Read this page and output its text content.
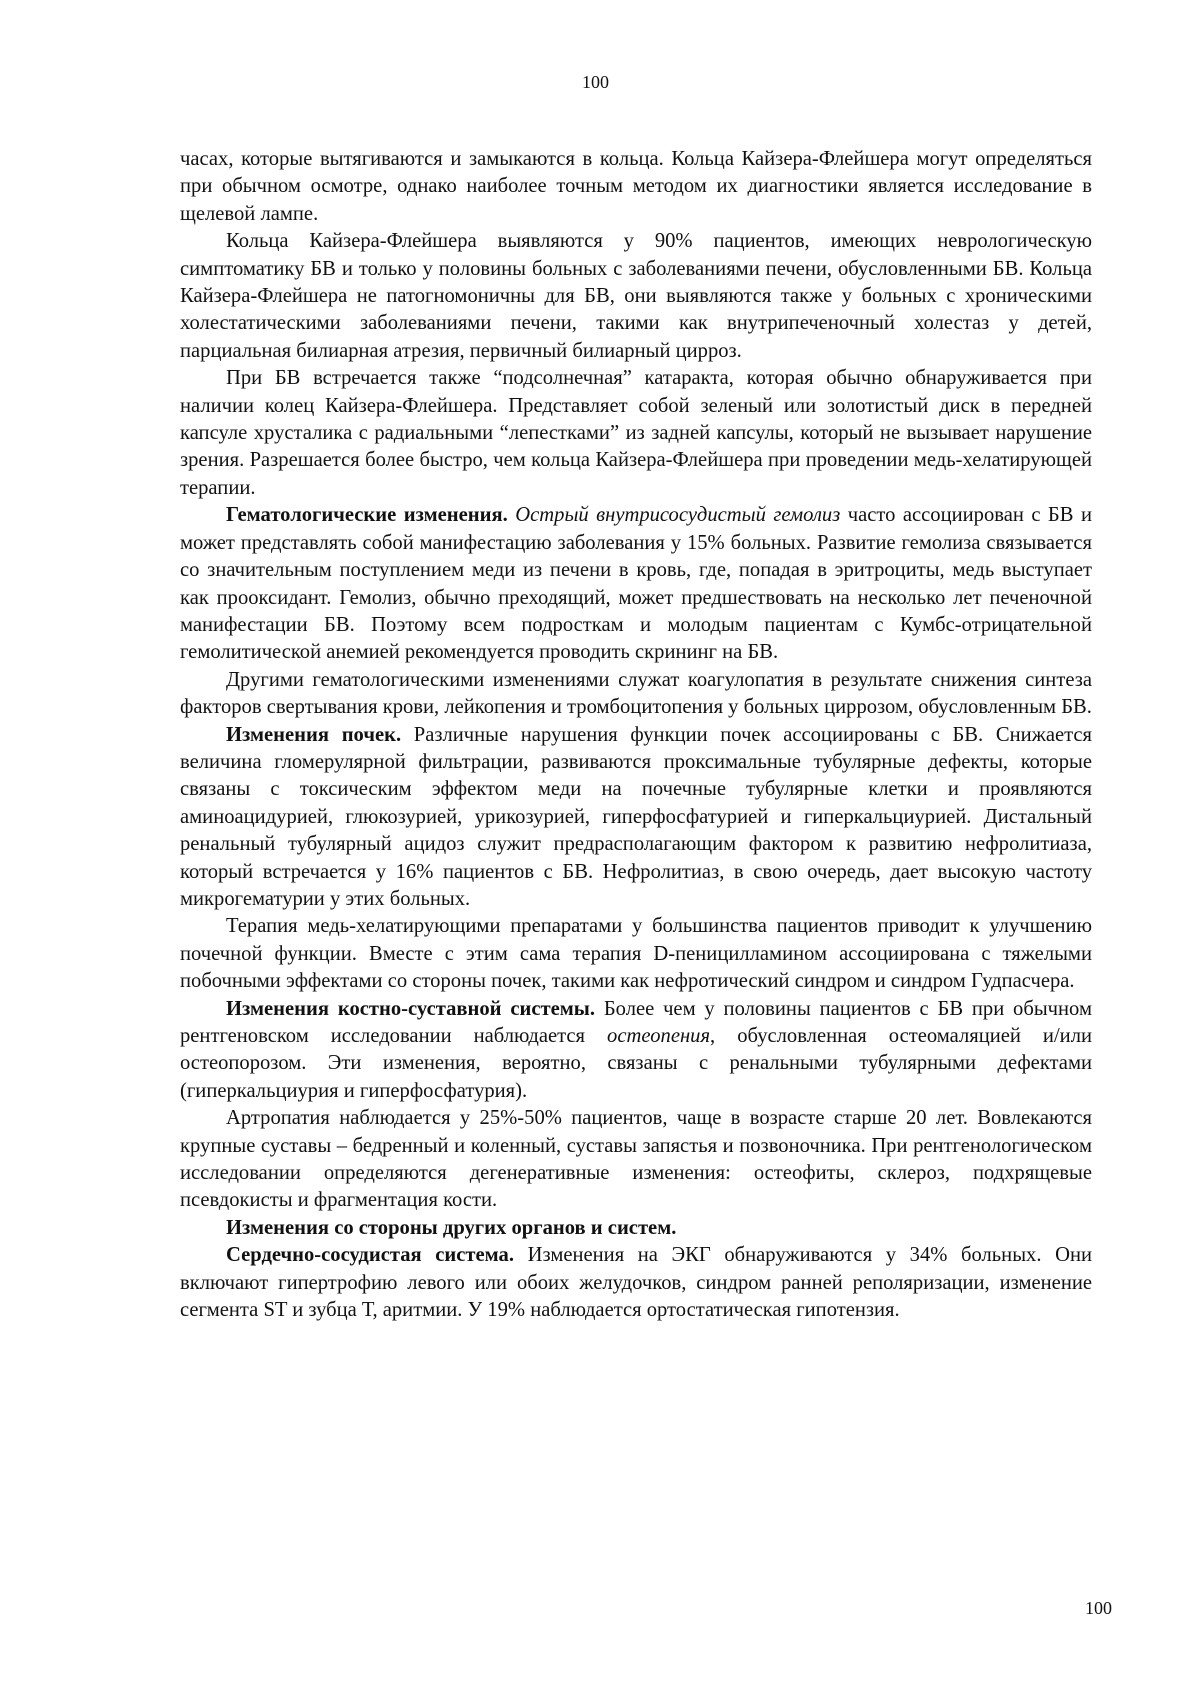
100

часах, которые вытягиваются и замыкаются в кольца. Кольца Кайзера-Флейшера могут определяться при обычном осмотре, однако наиболее точным методом их диагностики является исследование в щелевой лампе.

Кольца Кайзера-Флейшера выявляются у 90% пациентов, имеющих неврологическую симптоматику БВ и только у половины больных с заболеваниями печени, обусловленными БВ. Кольца Кайзера-Флейшера не патогномоничны для БВ, они выявляются также у больных с хроническими холестатическими заболеваниями печени, такими как внутрипеченочный холестаз у детей, парциальная билиарная атрезия, первичный билиарный цирроз.

При БВ встречается также “подсолнечная” катаракта, которая обычно обнаруживается при наличии колец Кайзера-Флейшера. Представляет собой зеленый или золотистый диск в передней капсуле хрусталика с радиальными “лепестками” из задней капсулы, который не вызывает нарушение зрения. Разрешается более быстро, чем кольца Кайзера-Флейшера при проведении медь-хелатирующей терапии.

Гематологические изменения. Острый внутрисосудистый гемолиз часто ассоциирован с БВ и может представлять собой манифестацию заболевания у 15% больных. Развитие гемолиза связывается со значительным поступлением меди из печени в кровь, где, попадая в эритроциты, медь выступает как прооксидант. Гемолиз, обычно преходящий, может предшествовать на несколько лет печеночной манифестации БВ. Поэтому всем подросткам и молодым пациентам с Кумбс-отрицательной гемолитической анемией рекомендуется проводить скрининг на БВ.

Другими гематологическими изменениями служат коагулопатия в результате снижения синтеза факторов свертывания крови, лейкопения и тромбоцитопения у больных циррозом, обусловленным БВ.

Изменения почек. Различные нарушения функции почек ассоциированы с БВ. Снижается величина гломерулярной фильтрации, развиваются проксимальные тубулярные дефекты, которые связаны с токсическим эффектом меди на почечные тубулярные клетки и проявляются аминоацидурией, глюкозурией, урикозурией, гиперфосфатурией и гиперкальциурией. Дистальный ренальный тубулярный ацидоз служит предрасполагающим фактором к развитию нефролитиаза, который встречается у 16% пациентов с БВ. Нефролитиаз, в свою очередь, дает высокую частоту микрогематурии у этих больных.

Терапия медь-хелатирующими препаратами у большинства пациентов приводит к улучшению почечной функции. Вместе с этим сама терапия D-пеницилламином ассоциирована с тяжелыми побочными эффектами со стороны почек, такими как нефротический синдром и синдром Гудпасчера.

Изменения костно-суставной системы. Более чем у половины пациентов с БВ при обычном рентгеновском исследовании наблюдается остеопения, обусловленная остеомаляцией и/или остеопорозом. Эти изменения, вероятно, связаны с ренальными тубулярными дефектами (гиперкальциурия и гиперфосфатурия).

Артропатия наблюдается у 25%-50% пациентов, чаще в возрасте старше 20 лет. Вовлекаются крупные суставы – бедренный и коленный, суставы запястья и позвоночника. При рентгенологическом исследовании определяются дегенеративные изменения: остеофиты, склероз, подхрящевые псевдокисты и фрагментация кости.

Изменения со стороны других органов и систем.

Сердечно-сосудистая система. Изменения на ЭКГ обнаруживаются у 34% больных. Они включают гипертрофию левого или обоих желудочков, синдром ранней реполяризации, изменение сегмента ST и зубца Т, аритмии. У 19% наблюдается ортостатическая гипотензия.

100
